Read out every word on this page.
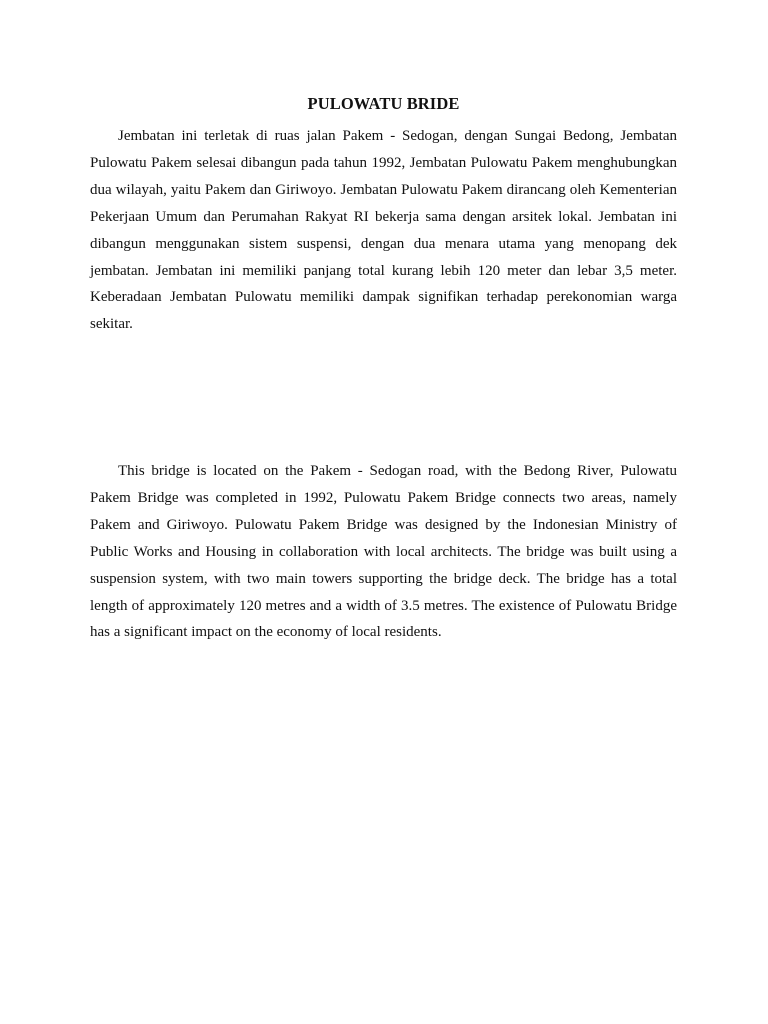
PULOWATU BRIDE

Jembatan ini terletak di ruas jalan Pakem - Sedogan, dengan Sungai Bedong, Jembatan Pulowatu Pakem selesai dibangun pada tahun 1992, Jembatan Pulowatu Pakem menghubungkan dua wilayah, yaitu Pakem dan Giriwoyo. Jembatan Pulowatu Pakem dirancang oleh Kementerian Pekerjaan Umum dan Perumahan Rakyat RI bekerja sama dengan arsitek lokal. Jembatan ini dibangun menggunakan sistem suspensi, dengan dua menara utama yang menopang dek jembatan. Jembatan ini memiliki panjang total kurang lebih 120 meter dan lebar 3,5 meter. Keberadaan Jembatan Pulowatu memiliki dampak signifikan terhadap perekonomian warga sekitar.

This bridge is located on the Pakem - Sedogan road, with the Bedong River, Pulowatu Pakem Bridge was completed in 1992, Pulowatu Pakem Bridge connects two areas, namely Pakem and Giriwoyo. Pulowatu Pakem Bridge was designed by the Indonesian Ministry of Public Works and Housing in collaboration with local architects. The bridge was built using a suspension system, with two main towers supporting the bridge deck. The bridge has a total length of approximately 120 metres and a width of 3.5 metres. The existence of Pulowatu Bridge has a significant impact on the economy of local residents.
